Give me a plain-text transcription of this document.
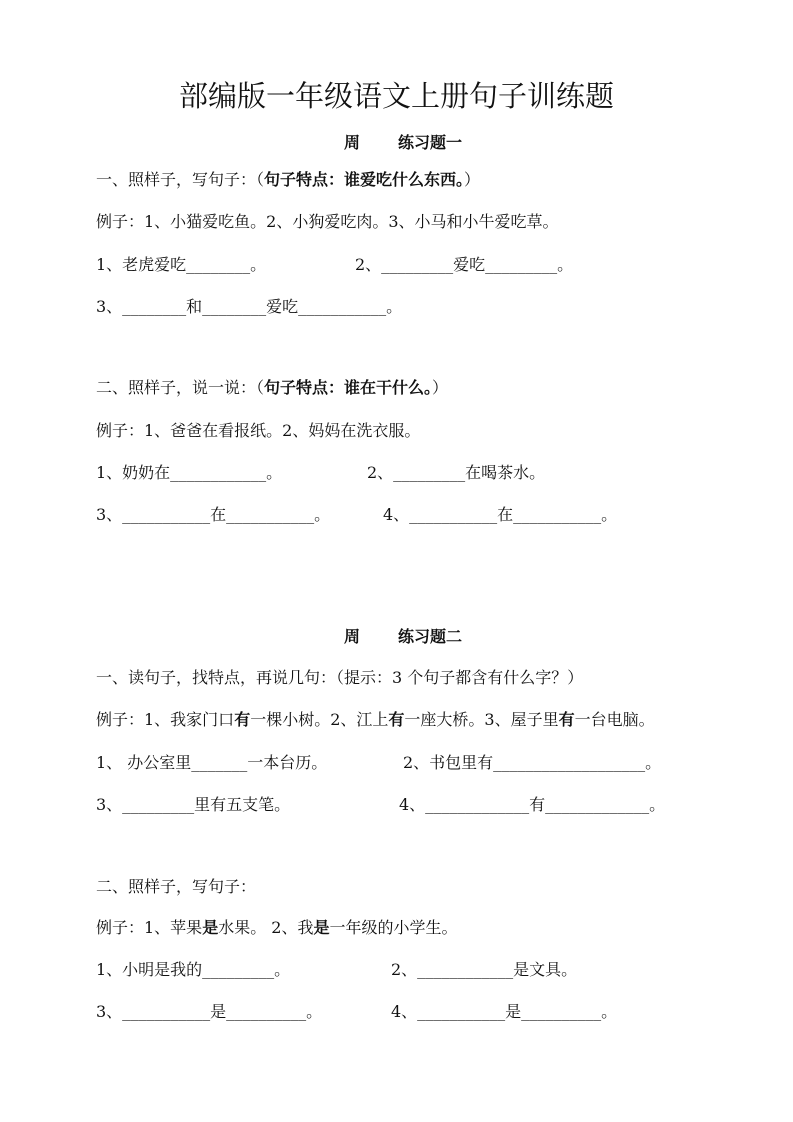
部编版一年级语文上册句子训练题
周 练习题一
一、照样子，写句子：（句子特点：谁爱吃什么东西。）
例子：1、小猫爱吃鱼。2、小狗爱吃肉。3、小马和小牛爱吃草。
1、老虎爱吃________。	2、_________爱吃_________。
3、________和________爱吃___________。
二、照样子，说一说：（句子特点：谁在干什么。）
例子：1、爸爸在看报纸。2、妈妈在洗衣服。
1、奶奶在____________。	2、_________在喝茶水。
3、___________在___________。	4、___________在___________。
周 练习题二
一、读句子，找特点，再说几句：（提示：3 个句子都含有什么字？）
例子：1、我家门口有一棵小树。2、江上有一座大桥。3、屋子里有一台电脑。
1、 办公室里_______一本台历。	2、书包里有___________________。
3、_________里有五支笔。	4、_____________有_____________。
二、照样子，写句子：
例子：1、苹果是水果。 2、我是一年级的小学生。
1、小明是我的_________。	2、____________是文具。
3、___________是__________。	4、___________是__________。
